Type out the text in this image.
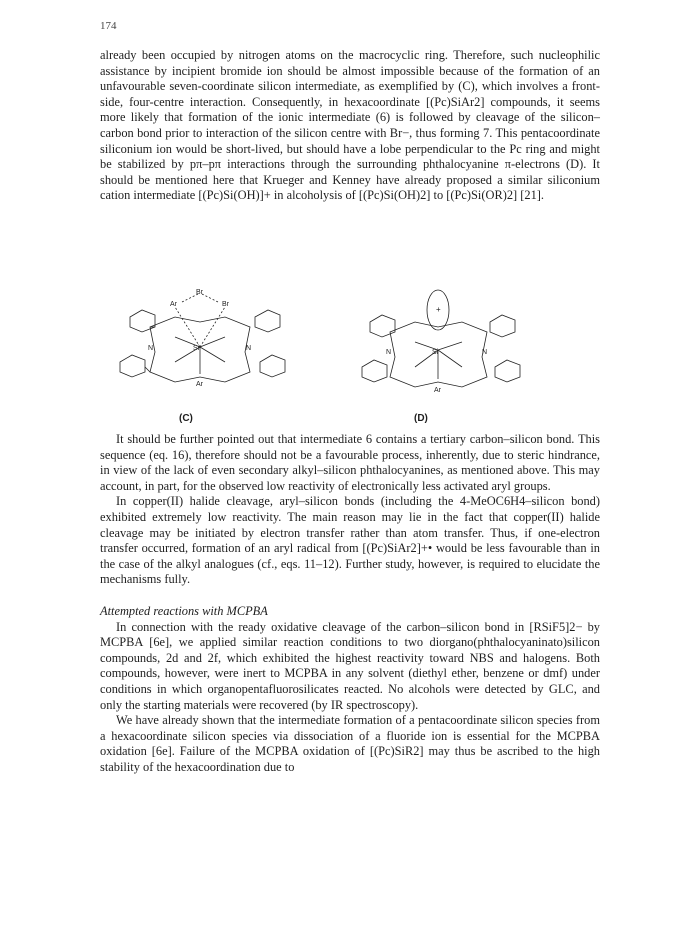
174

already been occupied by nitrogen atoms on the macrocyclic ring. Therefore, such nucleophilic assistance by incipient bromide ion should be almost impossible because of the formation of an unfavourable seven-coordinate silicon intermediate, as exemplified by (C), which involves a front-side, four-centre interaction. Consequently, in hexacoordinate [(Pc)SiAr2] compounds, it seems more likely that formation of the ionic intermediate (6) is followed by cleavage of the silicon–carbon bond prior to interaction of the silicon centre with Br−, thus forming 7. This pentacoordinate siliconium ion would be short-lived, but should have a lobe perpendicular to the Pc ring and might be stabilized by pπ–pπ interactions through the surrounding phthalocyanine π-electrons (D). It should be mentioned here that Krueger and Kenney have already proposed a similar siliconium cation intermediate [(Pc)Si(OH)]+ in alcoholysis of [(Pc)Si(OH)2] to [(Pc)Si(OR)2] [21].

Br
Ar	Br
Si
N	N
Ar
+
Si
N	N
Ar
(C)	(D)

It should be further pointed out that intermediate 6 contains a tertiary carbon–silicon bond. This sequence (eq. 16), therefore should not be a favourable process, inherently, due to steric hindrance, in view of the lack of even secondary alkyl–silicon phthalocyanines, as mentioned above. This may account, in part, for the observed low reactivity of electronically less activated aryl groups.

In copper(II) halide cleavage, aryl–silicon bonds (including the 4-MeOC6H4–silicon bond) exhibited extremely low reactivity. The main reason may lie in the fact that copper(II) halide cleavage may be initiated by electron transfer rather than atom transfer. Thus, if one-electron transfer occurred, formation of an aryl radical from [(Pc)SiAr2]+• would be less favourable than in the case of the alkyl analogues (cf., eqs. 11–12). Further study, however, is required to elucidate the mechanisms fully.

Attempted reactions with MCPBA

In connection with the ready oxidative cleavage of the carbon–silicon bond in [RSiF5]2− by MCPBA [6e], we applied similar reaction conditions to two diorgano(phthalocyaninato)silicon compounds, 2d and 2f, which exhibited the highest reactivity toward NBS and halogens. Both compounds, however, were inert to MCPBA in any solvent (diethyl ether, benzene or dmf) under conditions in which organopentafluorosilicates reacted. No alcohols were detected by GLC, and only the starting materials were recovered (by IR spectroscopy).

We have already shown that the intermediate formation of a pentacoordinate silicon species from a hexacoordinate silicon species via dissociation of a fluoride ion is essential for the MCPBA oxidation [6e]. Failure of the MCPBA oxidation of [(Pc)SiR2] may thus be ascribed to the high stability of the hexacoordination due to
